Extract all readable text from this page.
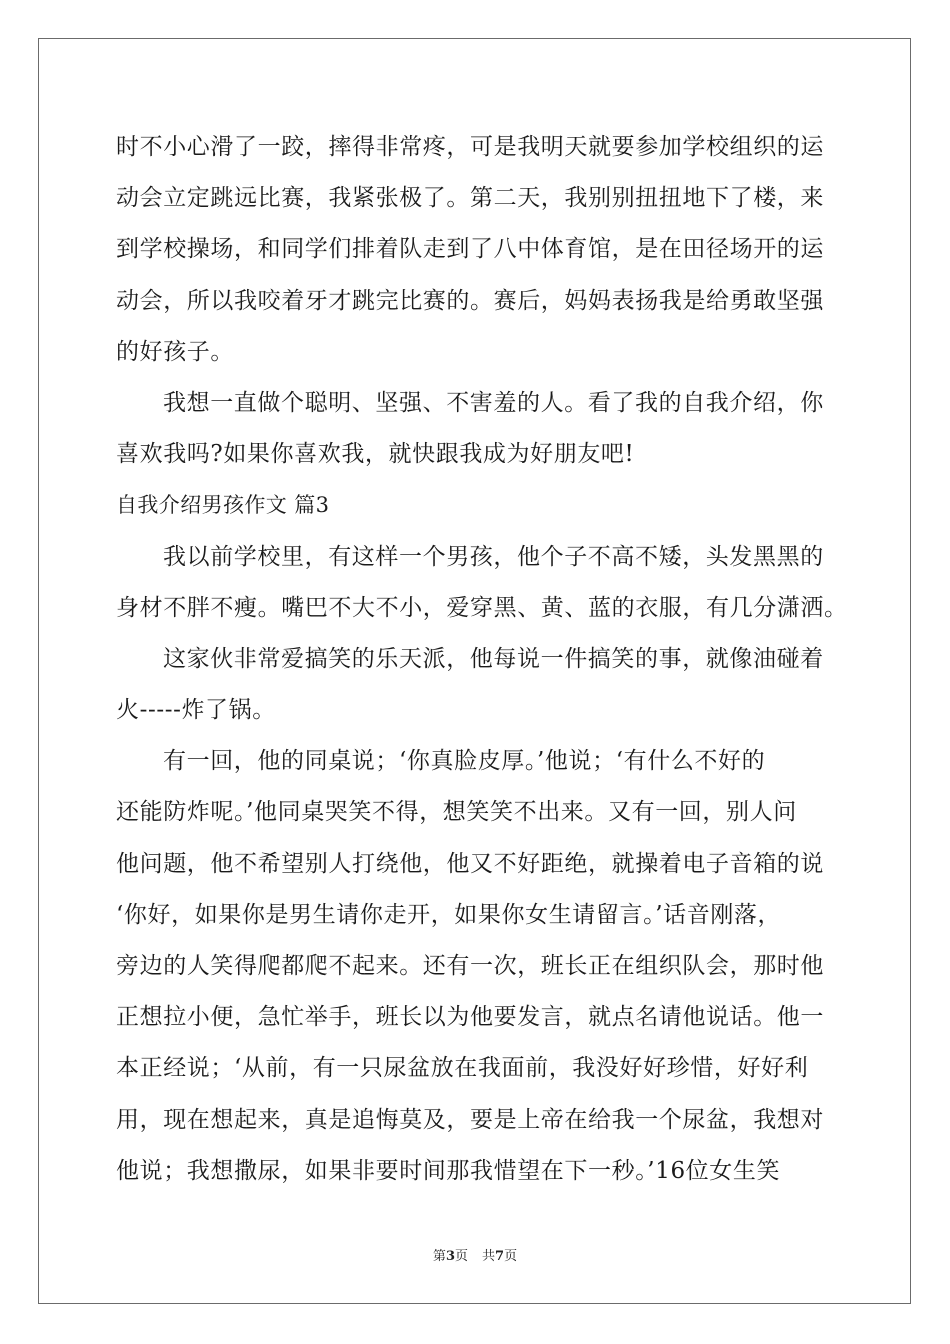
时不小心滑了一跤，摔得非常疼，可是我明天就要参加学校组织的运
动会立定跳远比赛，我紧张极了。第二天，我别别扭扭地下了楼，来
到学校操场，和同学们排着队走到了八中体育馆，是在田径场开的运
动会，所以我咬着牙才跳完比赛的。赛后，妈妈表扬我是给勇敢坚强
的好孩子。
我想一直做个聪明、坚强、不害羞的人。看了我的自我介绍，你
喜欢我吗?如果你喜欢我，就快跟我成为好朋友吧!
自我介绍男孩作文 篇3
我以前学校里，有这样一个男孩，他个子不高不矮，头发黑黑的
身材不胖不瘦。嘴巴不大不小，爱穿黑、黄、蓝的衣服，有几分潇洒。
这家伙非常爱搞笑的乐天派，他每说一件搞笑的事，就像油碰着
火-----炸了锅。
有一回，他的同桌说；‘你真脸皮厚。’他说；‘有什么不好的
还能防炸呢。’他同桌哭笑不得，想笑笑不出来。又有一回，别人问
他问题，他不希望别人打绕他，他又不好距绝，就操着电子音箱的说
‘你好，如果你是男生请你走开，如果你女生请留言。’话音刚落，
旁边的人笑得爬都爬不起来。还有一次，班长正在组织队会，那时他
正想拉小便，急忙举手，班长以为他要发言，就点名请他说话。他一
本正经说；‘从前，有一只尿盆放在我面前，我没好好珍惜，好好利
用，现在想起来，真是追悔莫及，要是上帝在给我一个尿盆，我想对
他说；我想撒尿，如果非要时间那我惜望在下一秒。’16位女生笑
第3页 共7页
